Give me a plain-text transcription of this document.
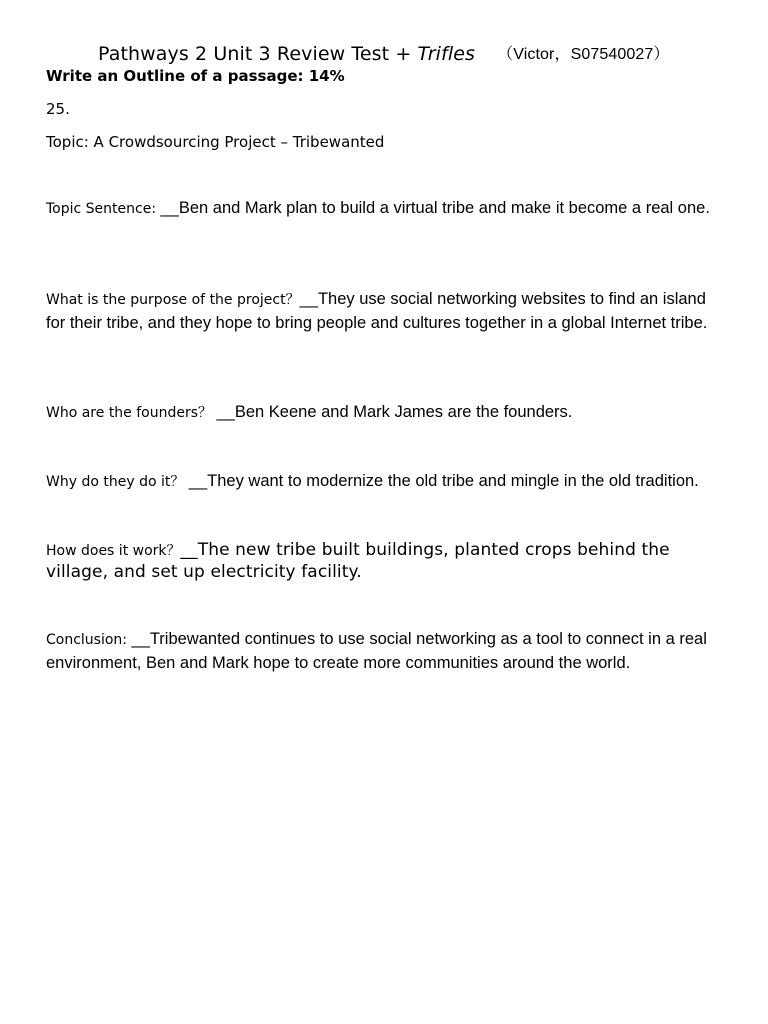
Pathways 2 Unit 3 Review Test + Trifles （Victor，S07540027）
Write an Outline of a passage: 14%
25.
Topic: A Crowdsourcing Project – Tribewanted
Topic Sentence: __Ben and Mark plan to build a virtual tribe and make it become a real one.
What is the purpose of the project？__They use social networking websites to find an island for their tribe, and they hope to bring people and cultures together in a global Internet tribe.
Who are the founders？ __Ben Keene and Mark James are the founders.
Why do they do it？ __They want to modernize the old tribe and mingle in the old tradition.
How does it work？__The new tribe built buildings, planted crops behind the village, and set up electricity facility.
Conclusion: __Tribewanted continues to use social networking as a tool to connect in a real environment, Ben and Mark hope to create more communities around the world.
